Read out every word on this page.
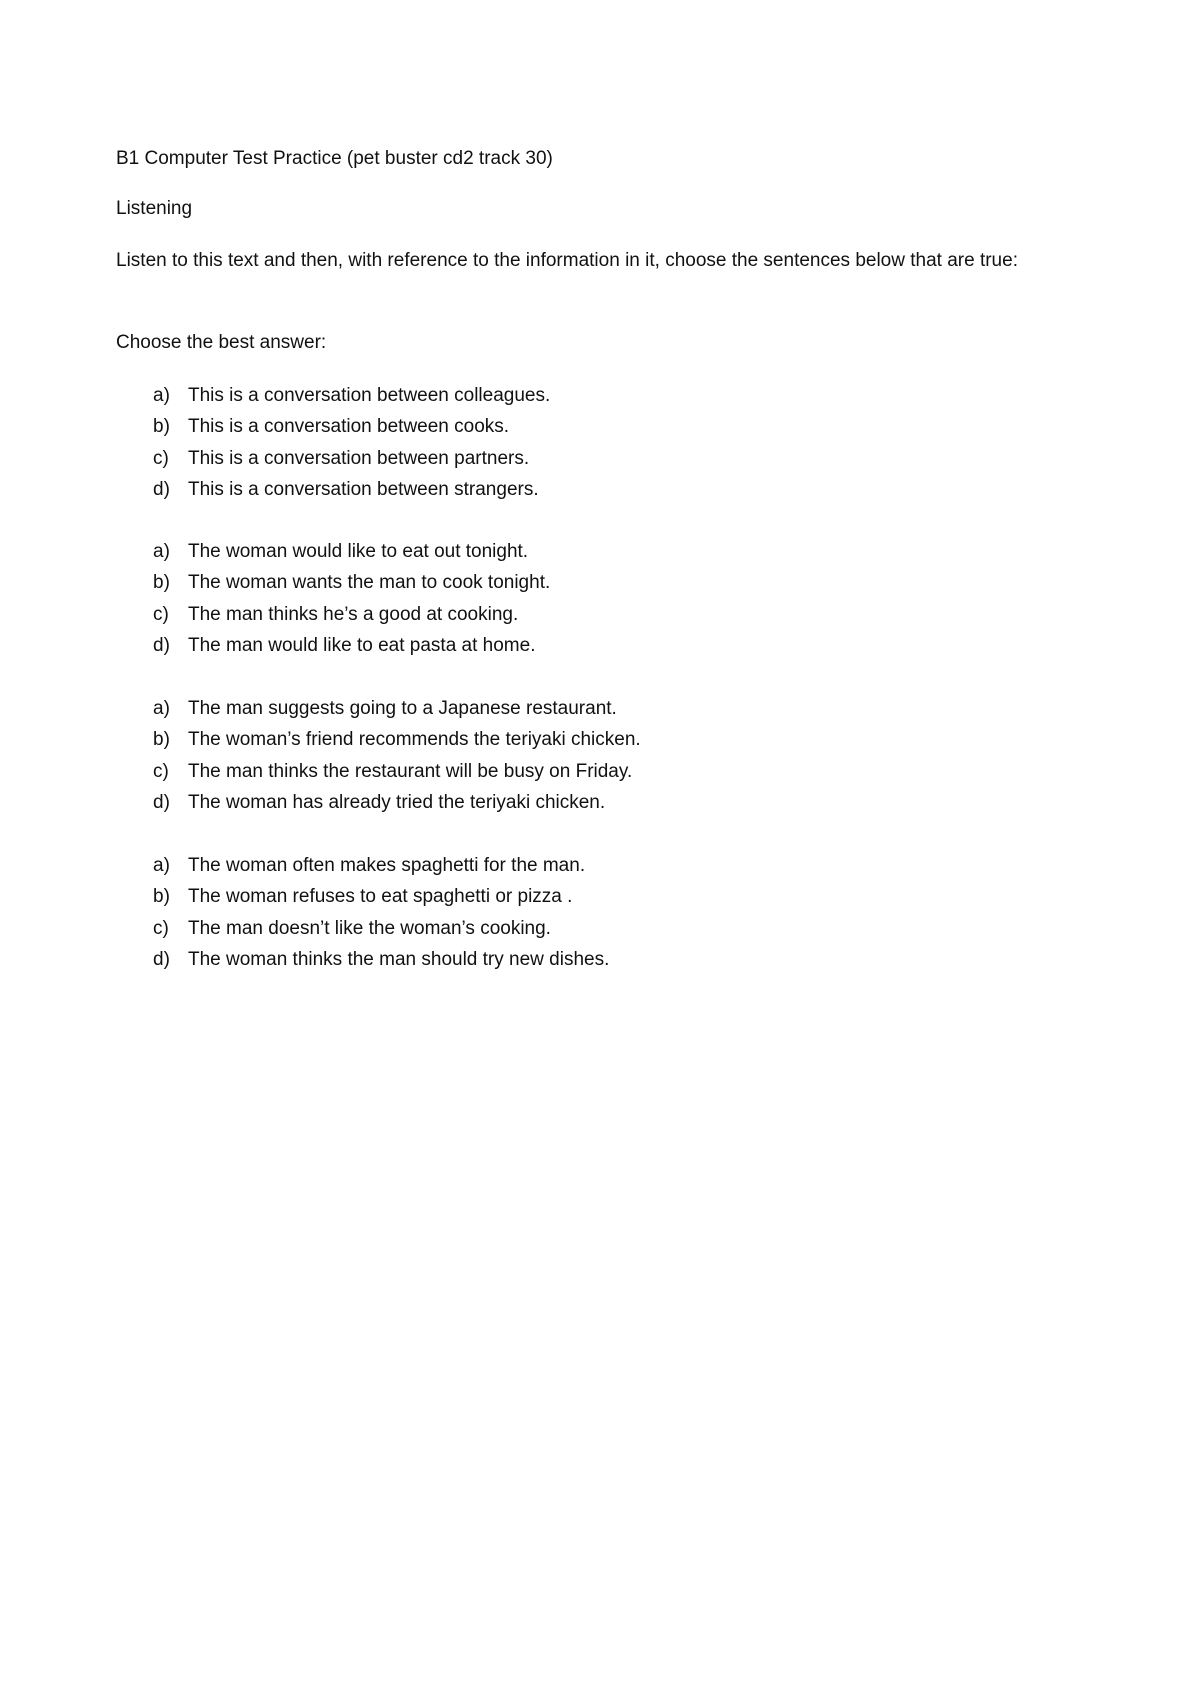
B1 Computer Test Practice (pet buster cd2 track 30)

Listening

Listen to this text and then, with reference to the information in it, choose the sentences below that are true:

Choose the best answer:

a) This is a conversation between colleagues.
b) This is a conversation between cooks.
c)	This is a conversation between partners.
d) This is a conversation between strangers.
a) The woman would like to eat out tonight.
b) The woman wants the man to cook tonight.
c)	The man thinks he’s a good at cooking.
d) The man would like to eat pasta at home.
a) The man suggests going to a Japanese restaurant.
b) The woman’s friend recommends the teriyaki chicken.
c)	The man thinks the restaurant will be busy on Friday.
d) The woman has already tried the teriyaki chicken.
a) The woman often makes spaghetti for the man.
b) The woman refuses to eat spaghetti or pizza .
c)	The man doesn’t like the woman’s cooking.
d) The woman thinks the man should try new dishes.
